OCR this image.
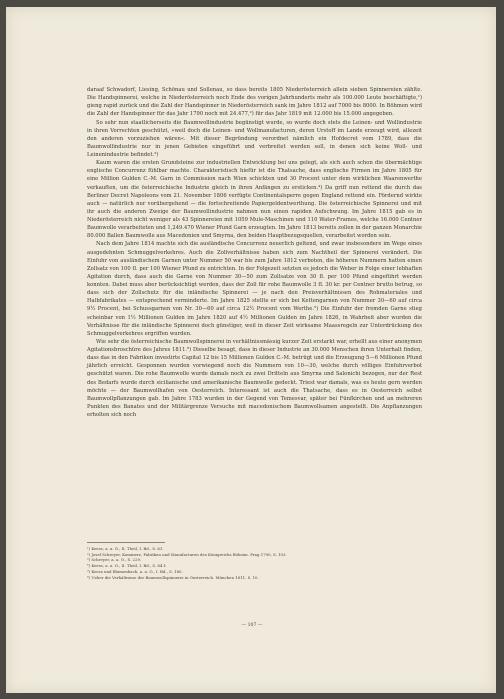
daraaf Schwadorf, Liesing, Schönau und Sollenau, so dass bereits 1805 Niederösterreich allein sieben Spinnereien zählte. Die Handspinnerei, welche in Niederösterreich noch Ende des vorigen Jahrhunderts mehr als 100.000 Leute beschäftigte,¹) gieng rapid zurück und die Zahl der Handspinner in Niederösterreich sank im Jahre 1812 auf 7000 bis 8000. In Böhmen wird die Zahl der Handspinner für das Jahr 1790 noch mit 24.477,²) für das Jahr 1819 mit 12.000 bis 15.000 angegeben.

So sehr nun staatlicherseits die Baumwollindustrie begünstigt wurde, so wurde doch stets die Leinen- und Wollindustrie in ihren Vorrechten geschützt, »weil doch die Leinen- und Wollmanufacturen, deren Urstoff im Lande erzeugt wird, allezeit den anderen vorzuziehen wären«. Mit dieser Begründung verordnet nämlich ein Hofdecret vom 1789, dass die Baumwollindustrie nur in jenen Gebieten eingeführt und verbreitet werden soll, in denen sich keine Woll- und Leinenindustrie befindet.³)

Kaum waren die ersten Grundsteine zur industriellen Entwicklung bei uns gelegt, als sich auch schon die übermächtige englische Concurrenz fühlbar machte. Charakteristisch hiefür ist die Thatsache, dass englische Firmen im Jahre 1805 für eine Million Gulden C.-M. Garn in Commission nach Wien schickten und 30 Procent unter dem wirklichen Waarenwerthe verkauften, um die österreichische Industrie gleich in ihren Anfängen zu ersticken.⁴) Da griff nun rettend die durch das Berliner Decret Napoleons vom 21. November 1806 verfügte Continentalsperre gegen England rettend ein. Fördernd wirkte auch — natürlich nur vorübergehend — die fortschreitende Papiergeldentwerthung. Die österreichische Spinnerei und mit ihr auch die anderen Zweige der Baumwollindustrie nahmen nun einen rapiden Aufschwung. Im Jahre 1815 gab es in Niederösterreich nicht weniger als 43 Spinnereien mit 1059 Mule-Maschinen und 110 Water-Frames, welche 16.000 Centner Baumwolle verarbeiteten und 1,249.470 Wiener Pfund Garn erzeugten. Im Jahre 1813 bereits zollen in der ganzen Monarchie 80.000 Ballen Baumwolle aus Macedonien und Smyrna, den beiden Hauptbezugsquellen, verarbeitet worden sein.

Nach dem Jahre 1814 machte sich die ausländische Concurrenz neuerlich geltend, und zwar insbesondere im Wege eines ausgedehnten Schmuggelverkehres. Auch die Zollverhältnisse haben sich zum Nachtheil der Spinnerei verändert. Die Einfuhr von ausländischem Garnen unter Nummer 50 war bis zum Jahre 1812 verboten, die höheren Nummern hatten einen Zollsatz von 100 fl. per 100 Wiener Pfund zu entrichten. In der Folgezeit setzten es jedoch die Weber in Folge einer lebhaften Agitation durch, dass auch die Garne von Nummer 30—50 zum Zollsatze von 30 fl. per 100 Pfund eingeführt werden konnten. Dabei muss aber berücksichtigt werden, dass der Zoll für rohe Baumwolle 3 fl. 30 kr. per Centner brutto betrug, so dass sich der Zollschutz für die inländische Spinnerei — je nach den Preisverhältnissen des Rohmateriales und Halbfabrikates — entsprechend verminderte. Im Jahre 1825 stellte er sich bei Kettengarnen von Nummer 30—60 auf circa 9½ Procent, bei Schussgarnen von Nr. 30—60 auf circa 12½ Procent vom Werthe.⁵) Die Einfuhr der fremden Garne stieg scheinbar von 1½ Millionen Gulden im Jahre 1820 auf 4½ Millionen Gulden im Jahre 1826, in Wahrheit aber wurden die Verhältnisse für die inländische Spinnerei doch günstiger, weil in dieser Zeit wirksame Maassregeln zur Unterdrückung des Schmuggelverkehres ergriffen wurden.

Wie sehr die österreichische Baumwollspinnerei in verhältnissmässig kurzer Zeit erstarkt war, erhellt aus einer anonymen Agitationsbroschüre des Jahres 1811.⁶) Dieselbe besagt, dass in dieser Industrie an 30.000 Menschen ihren Unterhalt finden, dass das in den Fabriken investirte Capital 12 bis 15 Millionen Gulden C.-M. betrügt und die Erzeugung 5—6 Millionen Pfund jährlich erreicht. Gesponnen wurden vorwiegend noch die Nummern von 10—30, welche durch völliges Einfuhrverbot geschützt waren. Die rohe Baumwolle wurde damals noch zu zwei Dritteln aus Smyrna und Salonichi bezogen, nur der Rest des Bedarfs wurde durch sicilianische und amerikanische Baumwolle gedeckt. Triest war damals, was es heute gern werden möchte — der Baumwollhafen von Oesterreich. Interessant ist auch die Thatsache, dass es in Oesterreich selbst Baumwollpflanzungen gab. Im Jahre 1783 wurden in der Gegend von Temesvar, später bei Fünfkirchen und an mehreren Punkten des Banates und der Militärgrenze Versuche mit macedonischem Baumwollsamen angestellt. Die Anpflanzungen erholten sich noch

¹) Keess, a. a. O., II. Theil, I. Bd., S. 61.
²) Josef Schreyer, Kommerz, Fabriken und Manufacturen des Königreichs Böheim. Prag 1790, S. 103.
³) Schreyer, a. a. O., S. 229.
⁴) Keess, a. a. O., II. Theil, I. Bd., S. 84 f.
⁵) Keess und Blumenbach, a. a. O., I. Bd., S. 180.
⁶) Ueber die Verhältnisse der Baumwollspinnerei in Oesterreich. München 1811, S. 10.
— 107 —
